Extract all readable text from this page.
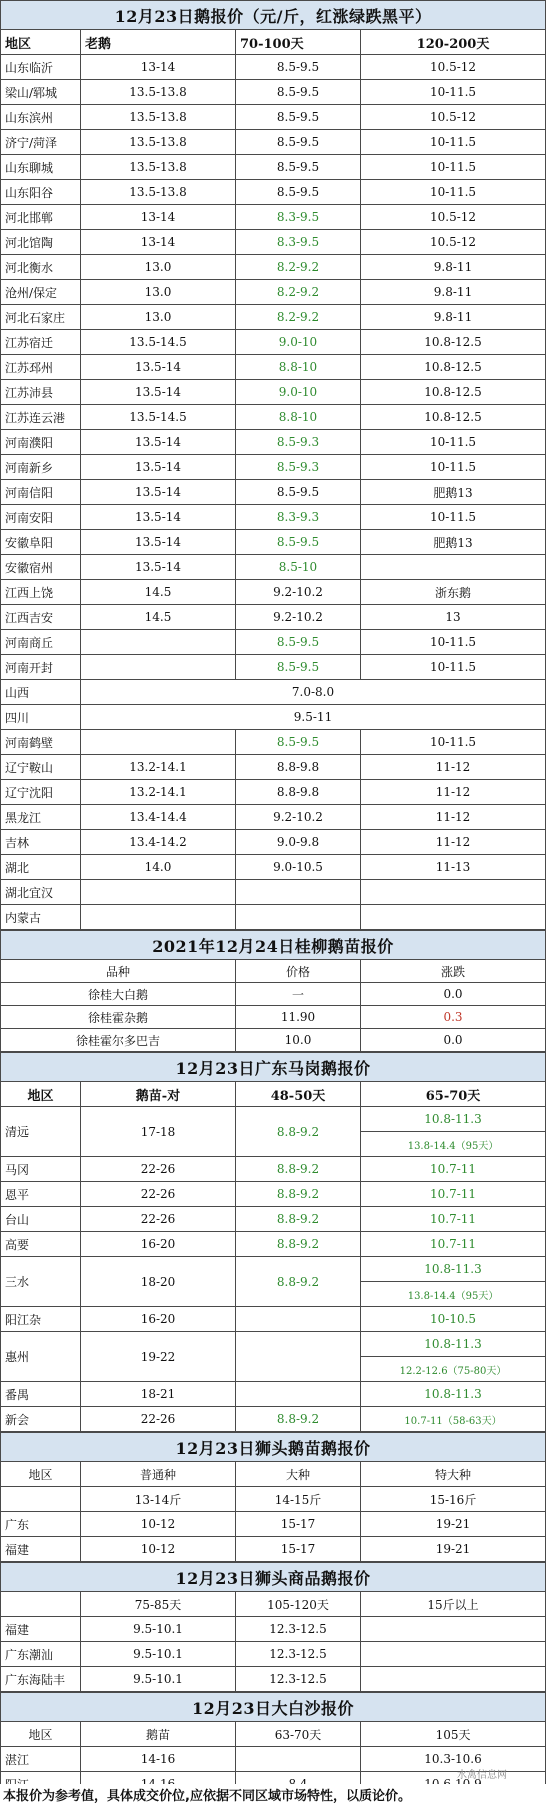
12月23日鹅报价（元/斤，红涨绿跌黑平）			
地区	老鹅	70-100天	120-200天
山东临沂	13-14	8.5-9.5	10.5-12
梁山/郓城	13.5-13.8	8.5-9.5	10-11.5
山东滨州	13.5-13.8	8.5-9.5	10.5-12
济宁/菏泽	13.5-13.8	8.5-9.5	10-11.5
山东聊城	13.5-13.8	8.5-9.5	10-11.5
山东阳谷	13.5-13.8	8.5-9.5	10-11.5
河北邯郸	13-14	8.3-9.5	10.5-12
河北馆陶	13-14	8.3-9.5	10.5-12
河北衡水	13.0	8.2-9.2	9.8-11
沧州/保定	13.0	8.2-9.2	9.8-11
河北石家庄	13.0	8.2-9.2	9.8-11
江苏宿迁	13.5-14.5	9.0-10	10.8-12.5
江苏邳州	13.5-14	8.8-10	10.8-12.5
江苏沛县	13.5-14	9.0-10	10.8-12.5
江苏连云港	13.5-14.5	8.8-10	10.8-12.5
河南濮阳	13.5-14	8.5-9.3	10-11.5
河南新乡	13.5-14	8.5-9.3	10-11.5
河南信阳	13.5-14	8.5-9.5	肥鹅13
河南安阳	13.5-14	8.3-9.3	10-11.5
安徽阜阳	13.5-14	8.5-9.5	肥鹅13
安徽宿州	13.5-14	8.5-10	
江西上饶	14.5	9.2-10.2	浙东鹅
江西吉安	14.5	9.2-10.2	13
河南商丘		8.5-9.5	10-11.5
河南开封		8.5-9.5	10-11.5
山西	7.0-8.0		
四川	9.5-11		
河南鹤壁		8.5-9.5	10-11.5
辽宁鞍山	13.2-14.1	8.8-9.8	11-12
辽宁沈阳	13.2-14.1	8.8-9.8	11-12
黑龙江	13.4-14.4	9.2-10.2	11-12
吉林	13.4-14.2	9.0-9.8	11-12
湖北	14.0	9.0-10.5	11-13
湖北宜汉			
内蒙古			
2021年12月24日桂柳鹅苗报价		
品种	价格	涨跌
徐桂大白鹅	一	0.0
徐桂霍杂鹅	11.90	0.3
徐桂霍尔多巴吉	10.0	0.0
12月23日广东马岗鹅报价			
地区	鹅苗-对	48-50天	65-70天
清远	17-18	8.8-9.2	10.8-11.3
			13.8-14.4（95天）
马冈	22-26	8.8-9.2	10.7-11
恩平	22-26	8.8-9.2	10.7-11
台山	22-26	8.8-9.2	10.7-11
高要	16-20	8.8-9.2	10.7-11
三水	18-20	8.8-9.2	10.8-11.3
			13.8-14.4（95天）
阳江杂	16-20		10-10.5
惠州	19-22		10.8-11.3
			12.2-12.6（75-80天）
番禺	18-21		10.8-11.3
新会	22-26	8.8-9.2	10.7-11（58-63天）
12月23日狮头鹅苗鹅报价			
地区	普通种	大种	特大种
	13-14斤	14-15斤	15-16斤
广东	10-12	15-17	19-21
福建	10-12	15-17	19-21
12月23日狮头商品鹅报价			
	75-85天	105-120天	15斤以上
福建	9.5-10.1	12.3-12.5	
广东潮汕	9.5-10.1	12.3-12.5	
广东海陆丰	9.5-10.1	12.3-12.5	
12月23日大白沙报价			
地区	鹅苗	63-70天	105天
湛江	14-16		10.3-10.6

水禽信息网
本报价为参考值，具体成交价位,应依据不同区域市场特性，以质论价。
